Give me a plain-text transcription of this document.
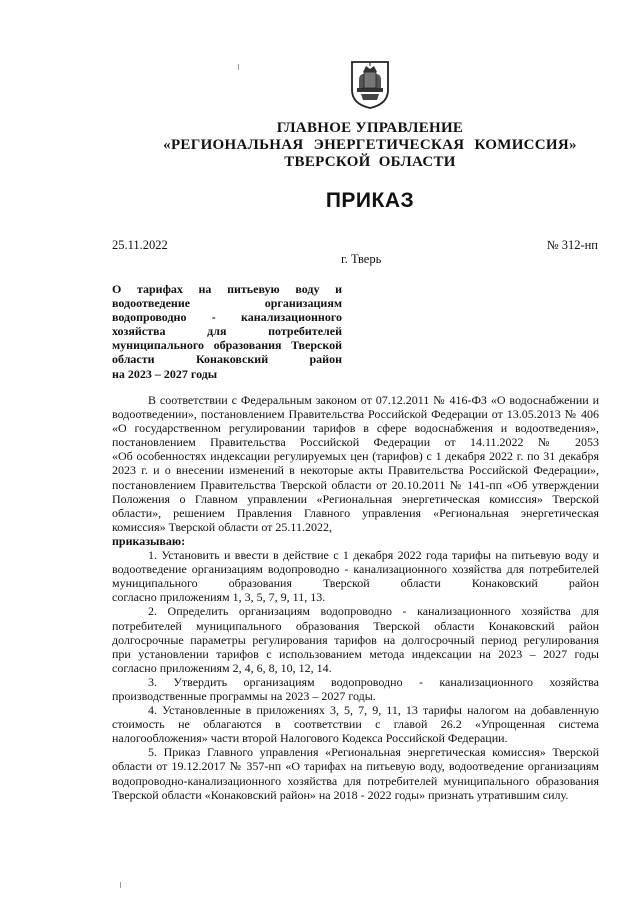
ГЛАВНОЕ УПРАВЛЕНИЕ
«РЕГИОНАЛЬНАЯ ЭНЕРГЕТИЧЕСКАЯ КОМИССИЯ»
ТВЕРСКОЙ ОБЛАСТИ
ПРИКАЗ
25.11.2022	№ 312-нп
г. Тверь
О тарифах на питьевую воду и
водоотведение организациям
водопроводно - канализационного
хозяйства для потребителей
муниципального образования Тверской
области Конаковский район
на 2023 – 2027 годы
В соответствии с Федеральным законом от 07.12.2011 № 416-ФЗ «О водоснабжении и
водоотведении», постановлением Правительства Российской Федерации от 13.05.2013 № 406
«О государственном регулировании тарифов в сфере водоснабжения и водоотведения»,
постановлением Правительства Российской Федерации от 14.11.2022 № 2053
«Об особенностях индексации регулируемых цен (тарифов) с 1 декабря 2022 г. по 31 декабря
2023 г. и о внесении изменений в некоторые акты Правительства Российской Федерации»,
постановлением Правительства Тверской области от 20.10.2011 № 141-пп «Об утверждении
Положения о Главном управлении «Региональная энергетическая комиссия» Тверской
области», решением Правления Главного управления «Региональная энергетическая
комиссия» Тверской области от 25.11.2022,
приказываю:
1. Установить и ввести в действие с 1 декабря 2022 года тарифы на питьевую воду и
водоотведение организациям водопроводно - канализационного хозяйства для потребителей
муниципального образования Тверской области Конаковский район
согласно приложениям 1, 3, 5, 7, 9, 11, 13.
2. Определить организациям водопроводно - канализационного хозяйства для
потребителей муниципального образования Тверской области Конаковский район
долгосрочные параметры регулирования тарифов на долгосрочный период регулирования
при установлении тарифов с использованием метода индексации на 2023 – 2027 годы
согласно приложениям 2, 4, 6, 8, 10, 12, 14.
3. Утвердить организациям водопроводно - канализационного хозяйства
производственные программы на 2023 – 2027 годы.
4. Установленные в приложениях 3, 5, 7, 9, 11, 13 тарифы налогом на добавленную
стоимость не облагаются в соответствии с главой 26.2 «Упрощенная система
налогообложения» части второй Налогового Кодекса Российской Федерации.
5. Приказ Главного управления «Региональная энергетическая комиссия» Тверской
области от 19.12.2017 № 357-нп «О тарифах на питьевую воду, водоотведение организациям
водопроводно-канализационного хозяйства для потребителей муниципального образования
Тверской области «Конаковский район» на 2018 - 2022 годы» признать утратившим силу.
